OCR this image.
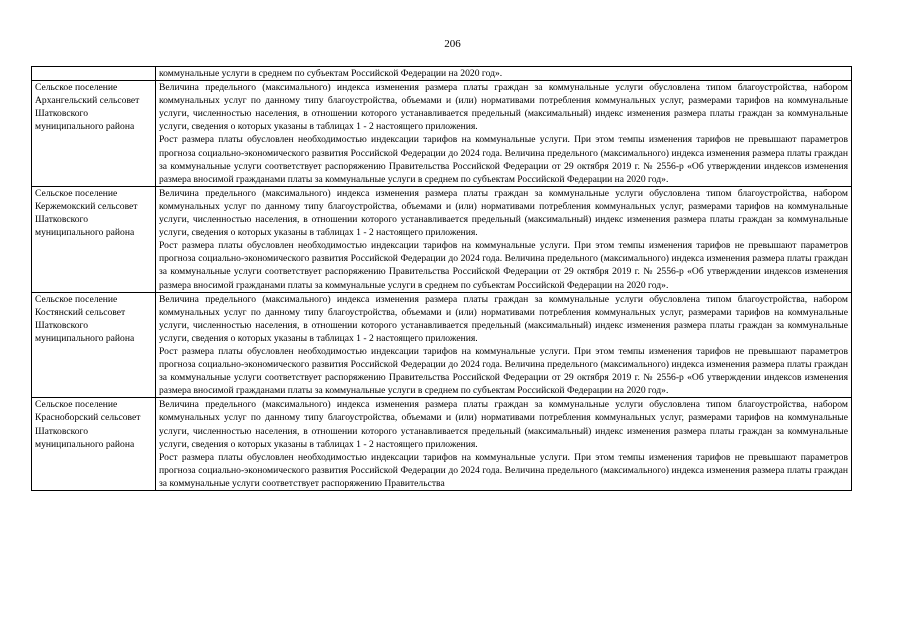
206

	коммунальные услуги в среднем по субъектам Российской Федерации на 2020 год».

Сельское поселение Архангельский сельсовет Шатковского муниципального района	Величина предельного (максимального) индекса изменения размера платы граждан за коммунальные услуги обусловлена типом благоустройства, набором коммунальных услуг по данному типу благоустройства, объемами и (или) нормативами потребления коммунальных услуг, размерами тарифов на коммунальные услуги, численностью населения, в отношении которого устанавливается предельный (максимальный) индекс изменения размера платы граждан за коммунальные услуги, сведения о которых указаны в таблицах 1 - 2 настоящего приложения.
Рост размера платы обусловлен необходимостью индексации тарифов на коммунальные услуги. При этом темпы изменения тарифов не превышают параметров прогноза социально-экономического развития Российской Федерации до 2024 года. Величина предельного (максимального) индекса изменения размера платы граждан за коммунальные услуги соответствует распоряжению Правительства Российской Федерации от 29 октября 2019 г. № 2556-р «Об утверждении индексов изменения размера вносимой гражданами платы за коммунальные услуги в среднем по субъектам Российской Федерации на 2020 год».

Сельское поселение Кержемокский сельсовет Шатковского муниципального района	Величина предельного (максимального) индекса изменения размера платы граждан за коммунальные услуги обусловлена типом благоустройства, набором коммунальных услуг по данному типу благоустройства, объемами и (или) нормативами потребления коммунальных услуг, размерами тарифов на коммунальные услуги, численностью населения, в отношении которого устанавливается предельный (максимальный) индекс изменения размера платы граждан за коммунальные услуги, сведения о которых указаны в таблицах 1 - 2 настоящего приложения.
Рост размера платы обусловлен необходимостью индексации тарифов на коммунальные услуги. При этом темпы изменения тарифов не превышают параметров прогноза социально-экономического развития Российской Федерации до 2024 года. Величина предельного (максимального) индекса изменения размера платы граждан за коммунальные услуги соответствует распоряжению Правительства Российской Федерации от 29 октября 2019 г. № 2556-р «Об утверждении индексов изменения размера вносимой гражданами платы за коммунальные услуги в среднем по субъектам Российской Федерации на 2020 год».

Сельское поселение Костянский сельсовет Шатковского муниципального района	Величина предельного (максимального) индекса изменения размера платы граждан за коммунальные услуги обусловлена типом благоустройства, набором коммунальных услуг по данному типу благоустройства, объемами и (или) нормативами потребления коммунальных услуг, размерами тарифов на коммунальные услуги, численностью населения, в отношении которого устанавливается предельный (максимальный) индекс изменения размера платы граждан за коммунальные услуги, сведения о которых указаны в таблицах 1 - 2 настоящего приложения.
Рост размера платы обусловлен необходимостью индексации тарифов на коммунальные услуги. При этом темпы изменения тарифов не превышают параметров прогноза социально-экономического развития Российской Федерации до 2024 года. Величина предельного (максимального) индекса изменения размера платы граждан за коммунальные услуги соответствует распоряжению Правительства Российской Федерации от 29 октября 2019 г. № 2556-р «Об утверждении индексов изменения размера вносимой гражданами платы за коммунальные услуги в среднем по субъектам Российской Федерации на 2020 год».

Сельское поселение Красноборский сельсовет Шатковского муниципального района	Величина предельного (максимального) индекса изменения размера платы граждан за коммунальные услуги обусловлена типом благоустройства, набором коммунальных услуг по данному типу благоустройства, объемами и (или) нормативами потребления коммунальных услуг, размерами тарифов на коммунальные услуги, численностью населения, в отношении которого устанавливается предельный (максимальный) индекс изменения размера платы граждан за коммунальные услуги, сведения о которых указаны в таблицах 1 - 2 настоящего приложения.
Рост размера платы обусловлен необходимостью индексации тарифов на коммунальные услуги. При этом темпы изменения тарифов не превышают параметров прогноза социально-экономического развития Российской Федерации до 2024 года. Величина предельного (максимального) индекса изменения размера платы граждан за коммунальные услуги соответствует распоряжению Правительства
